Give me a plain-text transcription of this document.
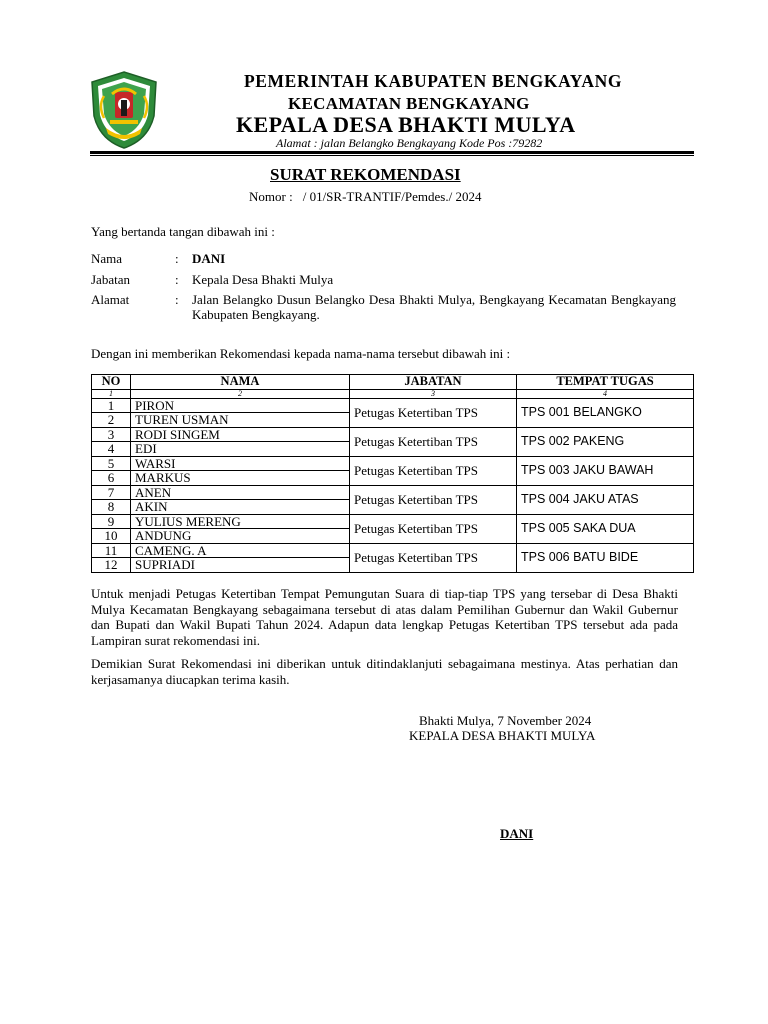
PEMERINTAH KABUPATEN BENGKAYANG
KECAMATAN BENGKAYANG
KEPALA DESA BHAKTI MULYA
Alamat : jalan Belangko Bengkayang Kode Pos :79282
SURAT REKOMENDASI
Nomor : / 01/SR-TRANTIF/Pemdes./ 2024
Yang bertanda tangan dibawah ini :
Nama	: DANI
Jabatan	: Kepala Desa Bhakti Mulya
Alamat	: Jalan Belangko Dusun Belangko Desa Bhakti Mulya, Bengkayang Kecamatan Bengkayang Kabupaten Bengkayang.
Dengan ini memberikan Rekomendasi kepada nama-nama tersebut dibawah ini :
NO	NAMA	JABATAN	TEMPAT TUGAS
1	2	3	4
1	PIRON	Petugas Ketertiban TPS	TPS 001 BELANGKO
2	TUREN USMAN		
3	RODI SINGEM	Petugas Ketertiban TPS	TPS 002 PAKENG
4	EDI		
5	WARSI	Petugas Ketertiban TPS	TPS 003 JAKU BAWAH
6	MARKUS		
7	ANEN	Petugas Ketertiban TPS	TPS 004 JAKU ATAS
8	AKIN		
9	YULIUS MERENG	Petugas Ketertiban TPS	TPS 005 SAKA DUA
10	ANDUNG		
11	CAMENG. A	Petugas Ketertiban TPS	TPS 006 BATU BIDE
12	SUPRIADI		
Untuk menjadi Petugas Ketertiban Tempat Pemungutan Suara di tiap-tiap TPS yang tersebar di Desa Bhakti Mulya Kecamatan Bengkayang sebagaimana tersebut di atas dalam Pemilihan Gubernur dan Wakil Gubernur dan Bupati dan Wakil Bupati Tahun 2024. Adapun data lengkap Petugas Ketertiban TPS tersebut ada pada Lampiran surat rekomendasi ini.
Demikian Surat Rekomendasi ini diberikan untuk ditindaklanjuti sebagaimana mestinya. Atas perhatian dan kerjasamanya diucapkan terima kasih.
Bhakti Mulya, 7 November 2024
KEPALA DESA BHAKTI MULYA
DANI
